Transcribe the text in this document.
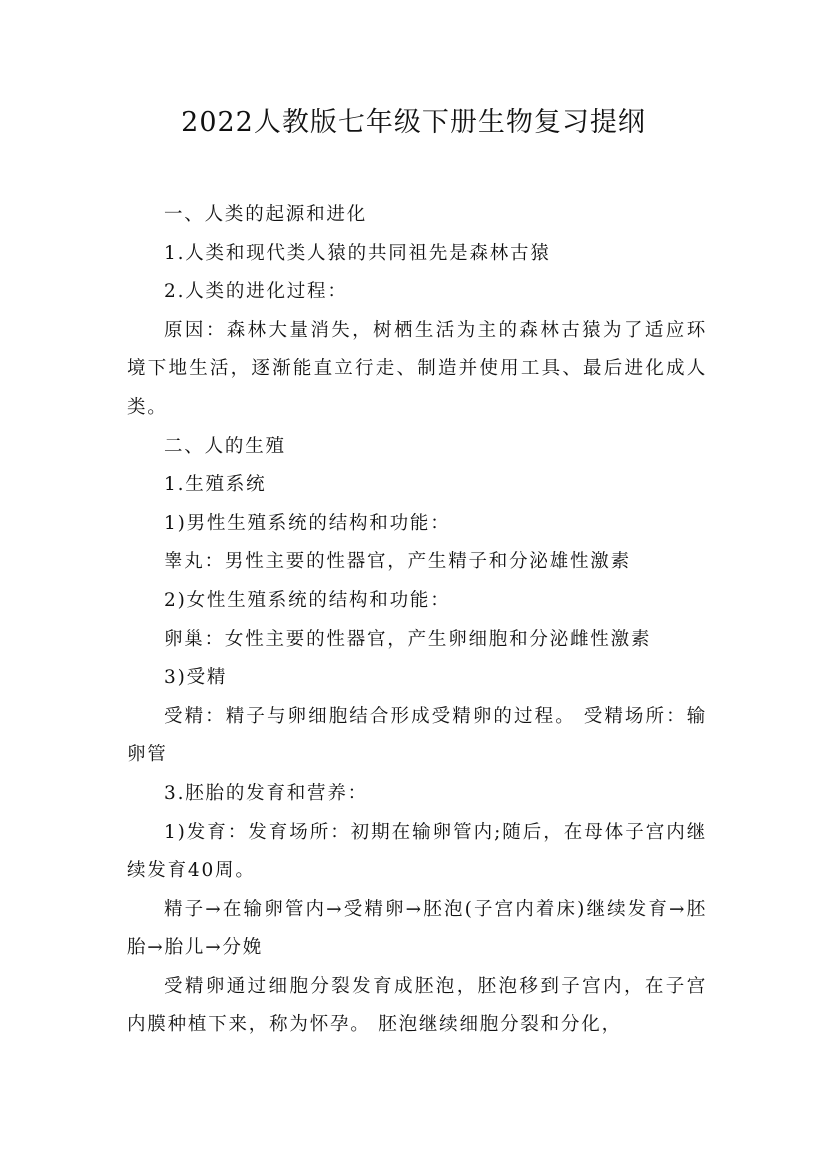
2022人教版七年级下册生物复习提纲

一、人类的起源和进化

1.人类和现代类人猿的共同祖先是森林古猿

2.人类的进化过程：

原因：森林大量消失，树栖生活为主的森林古猿为了适应环境下地生活，逐渐能直立行走、制造并使用工具、最后进化成人类。

二、人的生殖

1.生殖系统

1)男性生殖系统的结构和功能：

睾丸：男性主要的性器官，产生精子和分泌雄性激素

2)女性生殖系统的结构和功能：

卵巢：女性主要的性器官，产生卵细胞和分泌雌性激素

3)受精

受精：精子与卵细胞结合形成受精卵的过程。 受精场所：输卵管

3.胚胎的发育和营养：

1)发育：发育场所：初期在输卵管内;随后，在母体子宫内继续发育40周。

精子→在输卵管内→受精卵→胚泡(子宫内着床)继续发育→胚胎→胎儿→分娩

受精卵通过细胞分裂发育成胚泡，胚泡移到子宫内，在子宫内膜种植下来，称为怀孕。 胚泡继续细胞分裂和分化，
